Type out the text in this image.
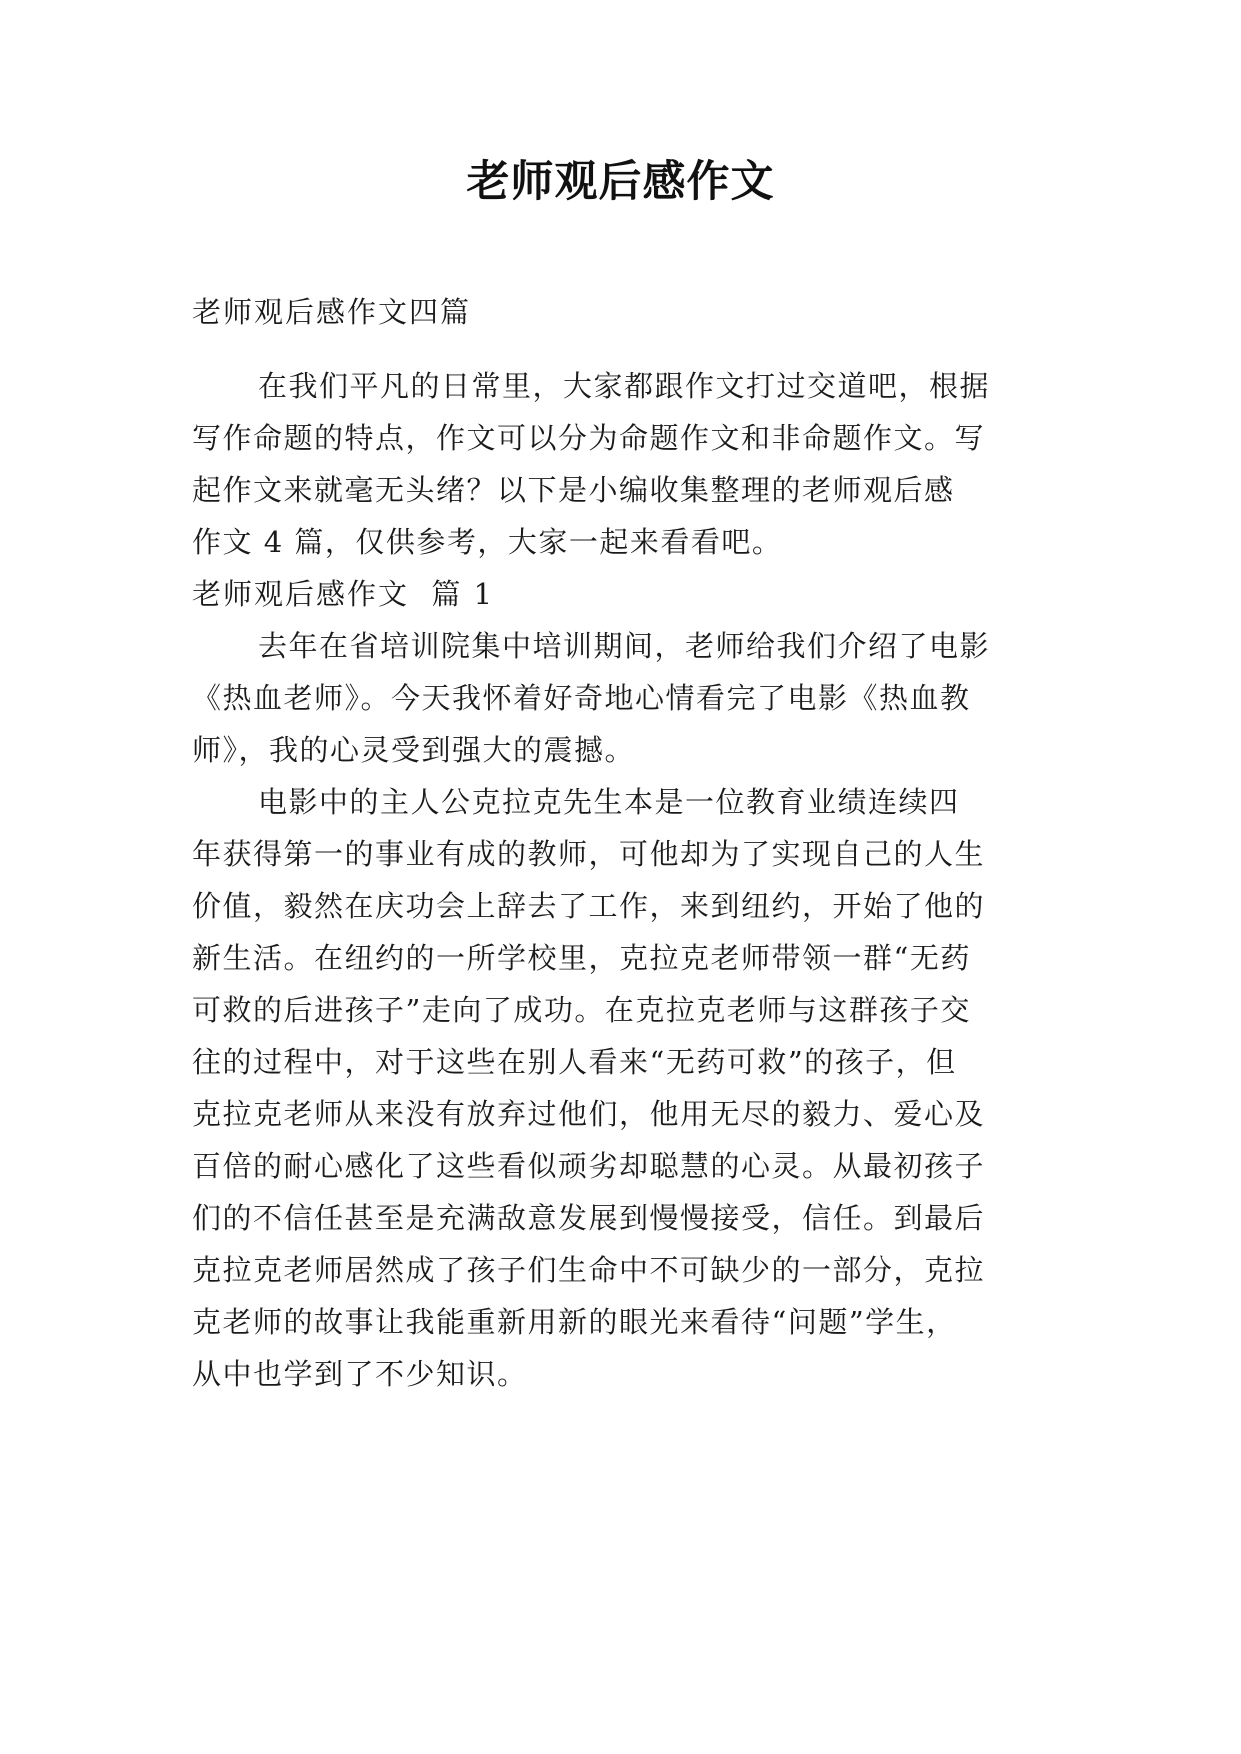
老师观后感作文
老师观后感作文四篇
在我们平凡的日常里，大家都跟作文打过交道吧，根据
写作命题的特点，作文可以分为命题作文和非命题作文。写
起作文来就毫无头绪？以下是小编收集整理的老师观后感
作文 4 篇，仅供参考，大家一起来看看吧。
老师观后感作文  篇 1
去年在省培训院集中培训期间，老师给我们介绍了电影
《热血老师》。今天我怀着好奇地心情看完了电影《热血教
师》，我的心灵受到强大的震撼。
电影中的主人公克拉克先生本是一位教育业绩连续四
年获得第一的事业有成的教师，可他却为了实现自己的人生
价值，毅然在庆功会上辞去了工作，来到纽约，开始了他的
新生活。在纽约的一所学校里，克拉克老师带领一群“无药
可救的后进孩子”走向了成功。在克拉克老师与这群孩子交
往的过程中，对于这些在别人看来“无药可救”的孩子，但
克拉克老师从来没有放弃过他们，他用无尽的毅力、爱心及
百倍的耐心感化了这些看似顽劣却聪慧的心灵。从最初孩子
们的不信任甚至是充满敌意发展到慢慢接受，信任。到最后
克拉克老师居然成了孩子们生命中不可缺少的一部分，克拉
克老师的故事让我能重新用新的眼光来看待“问题”学生，
从中也学到了不少知识。
